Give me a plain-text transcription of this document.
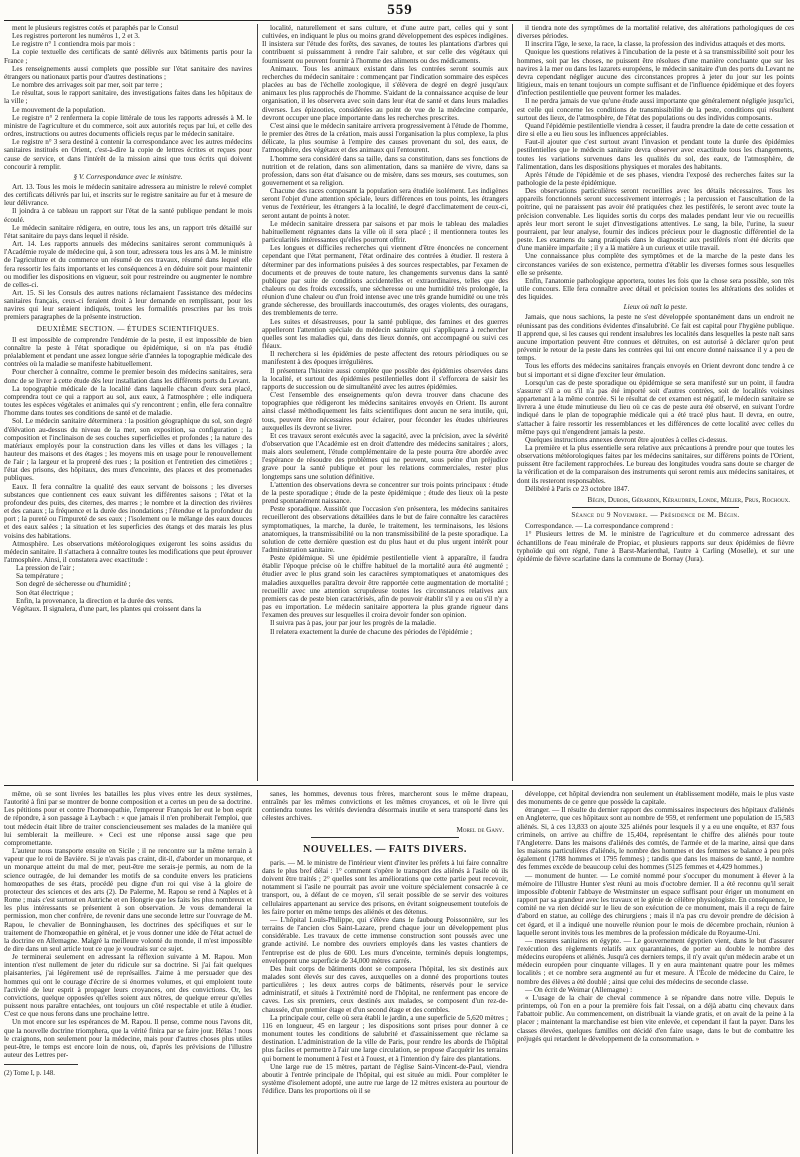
559

ment le plusieurs registres cotés et paraphés par le Consul

Les registres porteront les numéros 1, 2 et 3.

Le registre n° 1 contiendra mois par mois :

La copie textuelle des certificats de santé délivrés aux bâtiments partis pour la France ;

Les renseignements aussi complets que possible sur l'état sanitaire des navires étrangers ou nationaux partis pour d'autres destinations ;

Le nombre des arrivages soit par mer, soit par terre ;

Le résultat, sous le rapport sanitaire, des investigations faites dans les hôpitaux de la ville ;

Le mouvement de la population.

Le registre n° 2 renfermera la copie littérale de tous les rapports adressés à M. le ministre de l'agriculture et du commerce, soit aux autorités reçus par lui, et celle des ordres, instructions ou autres documents officiels reçus par le médecin sanitaire.

Le registre n° 3 sera destiné à contenir la correspondance avec les autres médecins sanitaires institués en Orient, c'est-à-dire la copie de lettres écrites et reçues pour cause de service, et dans l'intérêt de la mission ainsi que tous écrits qui doivent concourir à remplir.

§ V. Correspondance avec le ministre.

Art. 13. Tous les mois le médecin sanitaire adressera au ministre le relevé complet des certificats délivrés par lui, et inscrits sur le registre sanitaire au fur et à mesure de leur délivrance.

Il joindra à ce tableau un rapport sur l'état de la santé publique pendant le mois écoulé.

Le médecin sanitaire rédigera, en outre, tous les ans, un rapport très détaillé sur l'état sanitaire du pays dans lequel il réside.

Art. 14. Les rapports annuels des médecins sanitaires seront communiqués à l'Académie royale de médecine qui, à son tour, adressera tous les ans à M. le ministre de l'agriculture et du commerce un résumé de ces travaux, résumé dans lequel elle fera ressortir les faits importants et les conséquences à en déduire soit pour maintenir ou modifier les dispositions en vigueur, soit pour restreindre ou augmenter le nombre de celles-ci.

Art. 15. Si les Consuls des autres nations réclamaient l'assistance des médecins sanitaires français, ceux-ci feraient droit à leur demande en remplissant, pour les navires qui leur seraient indiqués, toutes les formalités prescrites par les trois premiers paragraphes de la présente instruction.

DEUXIÈME SECTION. — ÉTUDES SCIENTIFIQUES.

Il est impossible de comprendre l'endémie de la peste, il est impossible de bien connaître la peste à l'état sporadique ou épidémique, si on n'a pas étudié préalablement et pendant une assez longue série d'années la topographie médicale des contrées où la maladie se manifeste habituellement.

Pour chercher à connaître, comme le premier besoin des médecins sanitaires, sera donc de se livrer à cette étude dès leur installation dans les différents ports du Levant.

La topographie médicale de la localité dans laquelle chacun d'eux sera placé, comprendra tout ce qui a rapport au sol, aux eaux, à l'atmosphère ; elle indiquera toutes les espèces végétales et animales qui s'y rencontrent ; enfin, elle fera connaître l'homme dans toutes ses conditions de santé et de maladie.

Sol. Le médecin sanitaire déterminera : la position géographique du sol, son degré d'élévation au-dessus du niveau de la mer, son exposition, sa configuration ; la composition et l'inclinaison de ses couches superficielles et profondes ; la nature des matériaux employés pour la construction dans les villes et dans les villages ; la hauteur des maisons et des étages ; les moyens mis en usage pour le renouvellement de l'air ; la largeur et la propreté des rues ; la position et l'entretien des cimetières ; l'état des prisons, des hôpitaux, des murs d'enceinte, des places et des promenades publiques.

Eaux. Il fera connaître la qualité des eaux servant de boissons ; les diverses substances que contiennent ces eaux suivant les différentes saisons ; l'état et la profondeur des puits, des citernes, des marres ; le nombre et la direction des rivières et des canaux ; la fréquence et la durée des inondations ; l'étendue et la profondeur du port ; la pureté ou l'impureté de ses eaux ; l'isolement ou le mélange des eaux douces et des eaux salées ; la situation et les superficies des étangs et des marais les plus voisins des habitations.

Atmosphère. Les observations météorologiques exigeront les soins assidus du médecin sanitaire. Il s'attachera à connaître toutes les modifications que peut éprouver l'atmosphère. Ainsi, il constatera avec exactitude :

La pression de l'air ;

Sa température ;

Son degré de sécheresse ou d'humidité ;

Son état électrique ;

Enfin, la provenance, la direction et la durée des vents.

Végétaux. Il signalera, d'une part, les plantes qui croissent dans la

localité, naturellement et sans culture, et d'une autre part, celles qui y sont cultivées, en indiquant le plus ou moins grand développement des espèces indigènes. Il insistera sur l'étude des forêts, des savanes, de toutes les plantations d'arbres qui contribuent si puissamment à rendre l'air salubre, et sur celle des végétaux qui fournissent ou peuvent fournir à l'homme des aliments ou des médicaments.

Animaux. Tous les animaux existant dans les contrées seront soumis aux recherches du médecin sanitaire : commençant par l'indication sommaire des espèces placées au bas de l'échelle zoologique, il s'élèvera de degré en degré jusqu'aux animaux les plus rapprochés de l'homme. S'aidant de la connaissance acquise de leur organisation, il les observera avec soin dans leur état de santé et dans leurs maladies diverses. Les épizooties, considérées au point de vue de la médecine comparée, devront occuper une place importante dans les recherches prescrites.

C'est ainsi que le médecin sanitaire arrivera progressivement à l'étude de l'homme, le premier des êtres de la création, mais aussi l'organisation la plus complexe, la plus délicate, la plus soumise à l'empire des causes provenant du sol, des eaux, de l'atmosphère, des végétaux et des animaux qui l'entourent.

L'homme sera considéré dans sa taille, dans sa constitution, dans ses fonctions de nutrition et de relation, dans son alimentation, dans sa manière de vivre, dans sa profession, dans son état d'aisance ou de misère, dans ses mœurs, ses coutumes, son gouvernement et sa religion.

Chacune des races composant la population sera étudiée isolément. Les indigènes seront l'objet d'une attention spéciale, leurs différences en tous points, les étrangers venus de l'extérieur, les étrangers à la localité, le degré d'acclimatement de ceux-ci, seront autant de points à noter.

Le médecin sanitaire dressera par saisons et par mois le tableau des maladies habituellement régnantes dans la ville où il sera placé ; il mentionnera toutes les particularités intéressantes qu'elles pourront offrir.

Les longues et difficiles recherches qui viennent d'être énoncées ne concernent cependant que l'état permanent, l'état ordinaire des contrées à étudier. Il restera à déterminer par des informations puisées à des sources respectables, par l'examen de documents et de preuves de toute nature, les changements survenus dans la santé publique par suite de conditions accidentelles et extraordinaires, telles que des chaleurs ou des froids excessifs, une sécheresse ou une humidité très prolongée, la réunion d'une chaleur ou d'un froid intense avec une très grande humidité ou une très grande sécheresse, des brouillards inaccoutumés, des orages violents, des ouragans, des tremblements de terre.

Les suites et désastreuses, pour la santé publique, des famines et des guerres appelleront l'attention spéciale du médecin sanitaire qui s'appliquera à rechercher quelles sont les maladies qui, dans des lieux donnés, ont accompagné ou suivi ces fléaux.

Il recherchera si les épidémies de peste affectent des retours périodiques ou se manifestent à des époques irrégulières.

Il présentera l'histoire aussi complète que possible des épidémies observées dans la localité, et surtout des épidémies pestilentielles dont il s'efforcera de saisir les rapports de succession ou de simultanéité avec les autres épidémies.

C'est l'ensemble des enseignements qu'on devra trouver dans chacune des topographies que rédigeront les médecins sanitaires envoyés en Orient. Ils auront ainsi classé méthodiquement les faits scientifiques dont aucun ne sera inutile, qui, tous, peuvent être nécessaires pour éclairer, pour féconder les études ultérieures auxquelles ils devront se livrer.

Et ces travaux seront exécutés avec la sagacité, avec la précision, avec la sévérité d'observation que l'Académie est en droit d'attendre des médecins sanitaires ; alors, mais alors seulement, l'étude complémentaire de la peste pourra être abordée avec l'espérance de résoudre des problèmes qui ne peuvent, sous peine d'un préjudice grave pour la santé publique et pour les relations commerciales, rester plus longtemps sans une solution définitive.

L'attention des observations devra se concentrer sur trois points principaux : étude de la peste sporadique ; étude de la peste épidémique ; étude des lieux où la peste prend spontanément naissance.

Peste sporadique. Aussitôt que l'occasion s'en présentera, les médecins sanitaires recueilleront des observations détaillées dans le but de faire connaître les caractères symptomatiques, la marche, la durée, le traitement, les terminaisons, les lésions anatomiques, la transmissibilité ou la non transmissibilité de la peste sporadique. La solution de cette dernière question est du plus haut et du plus urgent intérêt pour l'administration sanitaire.

Peste épidémique. Si une épidémie pestilentielle vient à apparaître, il faudra établir l'époque précise où le chiffre habituel de la mortalité aura été augmenté ; étudier avec le plus grand soin les caractères symptomatiques et anatomiques des maladies auxquelles paraîtra devoir être rapportée cette augmentation de mortalité ; recueillir avec une attention scrupuleuse toutes les circonstances relatives aux premiers cas de peste bien caractérisés, afin de pouvoir établir s'il y a eu ou s'il n'y a pas eu importation. Le médecin sanitaire apportera la plus grande rigueur dans l'examen des preuves sur lesquelles il croira devoir fonder son opinion.

Il suivra pas à pas, jour par jour les progrès de la maladie.

Il relatera exactement la durée de chacune des périodes de l'épidémie ;

il tiendra note des symptômes de la mortalité relative, des altérations pathologiques de ces diverses périodes.

Il inscrira l'âge, le sexe, la race, la classe, la profession des individus attaqués et des morts.

Quoique les questions relatives à l'incubation de la peste et à sa transmissibilité soit pour les hommes, soit par les choses, ne puissent être résolues d'une manière concluante que sur les navires à la mer ou dans les lazarets européens, le médecin sanitaire d'un des ports du Levant ne devra cependant négliger aucune des circonstances propres à jeter du jour sur les points litigieux, mais en tenant toujours un compte suffisant et de l'influence épidémique et des foyers d'infection pestilentielle que peuvent former les malades.

Il ne perdra jamais de vue qu'une étude aussi importante que généralement négligée jusqu'ici, est celle qui concerne les conditions de transmissibilité de la peste, conditions qui résultent surtout des lieux, de l'atmosphère, de l'état des populations ou des individus composants.

Quand l'épidémie pestilentielle viendra à cesser, il faudra prendre la date de cette cessation et dire si elle a eu lieu sous les influences appréciables.

Faut-il ajouter que c'est surtout avant l'invasion et pendant toute la durée des épidémies pestilentielles que le médecin sanitaire devra observer avec exactitude tous les changements, toutes les variations survenues dans les qualités du sol, des eaux, de l'atmosphère, de l'alimentation, dans les dispositions physiques et morales des habitants.

Après l'étude de l'épidémie et de ses phases, viendra l'exposé des recherches faites sur la pathologie de la peste épidémique.

Des observations particulières seront recueillies avec les détails nécessaires. Tous les appareils fonctionnels seront successivement interrogés ; la percussion et l'auscultation de la poitrine, qui ne paraissent pas avoir été pratiquées chez les pestiférés, le seront avec toute la précision convenable. Les liquides sortis du corps des malades pendant leur vie ou recueillis après leur mort seront le sujet d'investigations attentives. Le sang, la bile, l'urine, la sueur pourraient, par leur analyse, fournir des indices précieux pour le diagnostic différentiel de la peste. Les examens du sang pratiqués dans le diagnostic aux pestiférés n'ont été décrits que d'une manière imparfaite ; il y a là matière à un curieux et utile travail.

Une connaissance plus complète des symptômes et de la marche de la peste dans les circonstances variées de son existence, permettra d'établir les diverses formes sous lesquelles elle se présente.

Enfin, l'anatomie pathologique apportera, toutes les fois que la chose sera possible, son très utile concours. Elle fera connaître avec détail et précision toutes les altérations des solides et des liquides.

Lieux où naît la peste.

Jamais, que nous sachions, la peste ne s'est développée spontanément dans un endroit ne réunissant pas des conditions évidentes d'insalubrité. Ce fait est capital pour l'hygiène publique. Il apprend que, si les causes qui rendent insalubres les localités dans lesquelles la peste naît sans aucune importation peuvent être connues et détruites, on est autorisé à déclarer qu'on peut prévenir le retour de la peste dans les contrées qui lui ont encore donné naissance il y a peu de temps.

Tous les efforts des médecins sanitaires français envoyés en Orient devront donc tendre à ce but si important et si digne d'exciter leur émulation.

Lorsqu'un cas de peste sporadique ou épidémique se sera manifesté sur un point, il faudra s'assurer s'il a ou s'il n'a pas été importé soit d'autres contrées, soit de localités voisines appartenant à la même contrée. Si le résultat de cet examen est négatif, le médecin sanitaire se livrera à une étude minutieuse du lieu où ce cas de peste aura été observé, en suivant l'ordre indiqué dans le plan de topographie médicale qui a été tracé plus haut. Il devra, en outre, s'attacher à faire ressortir les ressemblances et les différences de cette localité avec celles du même pays qui n'engendrent jamais la peste.

Quelques instructions annexes devront être ajoutées à celles ci-dessus.

La première et la plus essentielle sera relative aux précautions à prendre pour que toutes les observations météorologiques faites par les médecins sanitaires, sur différens points de l'Orient, puissent être facilement rapprochées. Le bureau des longitudes voudra sans doute se charger de la vérification et de la comparaison des instruments qui seront remis aux médecins sanitaires, et dont ils resteront responsables.

Délibéré à Paris ce 23 octobre 1847.

Bégin, Dubois, Gérardin, Kéraudren, Londe, Mélier, Prus, Rochoux.

Séance du 9 Novembre. — Présidence de M. Bégin.

Correspondance. — La correspondance comprend :

1° Plusieurs lettres de M. le ministre de l'agriculture et du commerce adressant des échantillons de l'eau minérale de Propiac, et plusieurs rapports sur deux épidémies de fièvre typhoïde qui ont régné, l'une à Barst-Marienthal, l'autre à Carling (Moselle), et sur une épidémie de fièvre scarlatine dans la commune de Bornay (Jura).

même, où se sont livrées les batailles les plus vives entre les deux systèmes, l'autorité à fini par se montrer de bonne composition et a certes un peu de sa doctrine. Les pétitions pour et contre l'homœopathie, l'empereur François Ier eut le bon esprit de répondre, à son passage à Laybach : « que jamais il n'en prohiberait l'emploi, que tout médecin était libre de traiter consciencieusement ses malades de la manière qui lui semblerait la meilleure. » Ceci est une réponse aussi sage que peu compromettante.

L'auteur nous transporte ensuite en Sicile ; il ne rencontre sur la même terrain à vapeur que le roi de Bavière. Si je n'avais pas craint, dit-il, d'aborder un monarque, et un monarque atteint du mal de mer, peut-être me serais-je permis, au nom de la science outragée, de lui demander les motifs de sa conduite envers les praticiens homœopathes de ses états, procédé peu digne d'un roi qui vise à la gloire de protecteur des sciences et des arts (2). De Palerme, M. Rapou se rend à Naples et à Rome ; mais c'est surtout en Autriche et en Hongrie que les faits les plus nombreux et les plus intéressants se présentent à son observation. Je vous demanderai la permission, mon cher confrère, de revenir dans une seconde lettre sur l'ouvrage de M. Rapou, le chevalier de Bonninghausen, les doctrines des spécifiques et sur le traitement de l'homœopathie en général, et je vous donner une idée de l'état actuel de la doctrine en Allemagne. Malgré la meilleure volonté du monde, il m'est impossible de dire dans un seul article tout ce que je voudrais sur ce sujet.

Je terminerai seulement en adressant la réflexion suivante à M. Rapou. Mon intention n'est nullement de jeter du ridicule sur sa doctrine. Si j'ai fait quelques plaisanteries, j'ai légèrement usé de représailles. J'aime à me persuader que des hommes qui ont le courage d'écrire de si énormes volumes, et qui emploient toute l'activité de leur esprit à propager leurs croyances, ont des convictions. Or, les convictions, quelque opposées qu'elles soient aux nôtres, de quelque erreur qu'elles puissent nous paraître entachées, ont toujours un côté respectable et utile à étudier. C'est ce que nous ferons dans une prochaine lettre.

Un mot encore sur les espérances de M. Rapou. Il pense, comme nous l'avons dit, que la nouvelle doctrine triomphera, que la vérité finira par se faire jour. Hélas ! nous le craignons, non seulement pour la médecine, mais pour d'autres choses plus utiles peut-être, le temps est encore loin de nous, où, d'après les prévisions de l'illustre auteur des Lettres per-

(2) Tome I, p. 148.

sanes, les hommes, devenus tous frères, marcheront sous le même drapeau, entraînés par les mêmes convictions et les mêmes croyances, et où le livre qui contiendra toutes les vérités deviendra désormais inutile et sera transporté dans les célestes archives.

Morel de Gany.

NOUVELLES. — FAITS DIVERS.

paris. — M. le ministre de l'intérieur vient d'inviter les préfets à lui faire connaître dans le plus bref délai : 1° comment s'opère le transport des aliénés à l'asile où ils doivent être traités ; 2° quelles sont les améliorations que cette partie peut recevoir, notamment si l'asile ne pourrait pas avoir une voiture spécialement consacrée à ce transport, ou, à défaut de ce moyen, s'il serait possible de se servir des voitures cellulaires appartenant au service des prisons, en évitant soigneusement toutefois de les faire porter en même temps des aliénés et des détenus.

— L'hôpital Louis-Philippe, qui s'élève dans le faubourg Poissonnière, sur les terrains de l'ancien clos Saint-Lazare, prend chaque jour un développement plus considérable. Les travaux de cette immense construction sont poussés avec une grande activité. Le nombre des ouvriers employés dans les vastes chantiers de l'entreprise est de plus de 600. Les murs d'enceinte, terminés depuis longtemps, enveloppent une superficie de 34,000 mètres carrés.

Des huit corps de bâtiments dont se composera l'hôpital, les six destinés aux malades sont élevés sur des caves, auxquelles on a donné des proportions toutes particulières ; les deux autres corps de bâtiments, réservés pour le service administratif, et situés à l'extrémité nord de l'hôpital, ne renferment pas encore de caves. Les six premiers, ceux destinés aux malades, se composent d'un rez-de-chaussée, d'un premier étage et d'un second étage et des combles.

La principale cour, celle où sera établi le jardin, a une superficie de 5,620 mètres ; 116 en longueur, 45 en largeur ; les dispositions sont prises pour donner à ce monument toutes les conditions de salubrité et d'assainissement que réclame sa destination. L'administration de la ville de Paris, pour rendre les abords de l'hôpital plus faciles et permettre à l'air une large circulation, se propose d'acquérir les terrains qui bornent le monument à l'est et à l'ouest, et à l'intention d'y faire des plantations.

Une large rue de 15 mètres, partant de l'église Saint-Vincent-de-Paul, viendra aboutir à l'entrée principale de l'hôpital, qui est située au midi. Pour compléter le système d'isolement adopté, une autre rue large de 12 mètres existera au pourtour de l'édifice. Dans les proportions où il se

développe, cet hôpital deviendra non seulement un établissement modèle, mais le plus vaste des monuments de ce genre que possède la capitale.

étranger. — Il résulte du dernier rapport des commissaires inspecteurs des hôpitaux d'aliénés en Angleterre, que ces hôpitaux sont au nombre de 959, et renferment une population de 15,583 aliénés. Si, à ces 13,833 on ajoute 325 aliénés pour lesquels il y a eu une enquête, et 837 fous criminels, on arrive au chiffre de 15,404, représentant le chiffre des aliénés pour toute l'Angleterre. Dans les maisons d'aliénés des comtés, de l'armée et de la marine, ainsi que dans les maisons particulières d'aliénés, le nombre des hommes et des femmes se balance à peu près également (1788 hommes et 1795 femmes) ; tandis que dans les maisons de santé, le nombre des femmes excède de beaucoup celui des hommes (5125 femmes et 4,429 hommes.)

— monument de hunter. — Le comité nommé pour s'occuper du monument à élever à la mémoire de l'illustre Hunter s'est réuni au mois d'octobre dernier. Il a été reconnu qu'il serait impossible d'obtenir l'abbaye de Westminster un espace suffisant pour ériger un monument en rapport par sa grandeur avec les travaux et le génie de célèbre physiologiste. En conséquence, le comité ne va rien décidé sur le lieu de son exécution de ce monument, mais il a reçu de faire d'abord en statue, au collège des chirurgiens ; mais il n'a pas cru devoir prendre de décision à cet égard, et il a indiqué une nouvelle réunion pour le mois de décembre prochain, réunion à laquelle seront invités tous les membres de la profession médicale du Royaume-Uni.

— mesures sanitaires en égypte. — Le gouvernement égyptien vient, dans le but d'assurer l'exécution des règlements relatifs aux quarantaines, de porter au double le nombre des médecins européens et aliénés. Jusqu'à ces derniers temps, il n'y avait qu'un médecin arabe et un médecin européen pour cinquante villages. Il y en aura maintenant quatre pour les mêmes localités ; et ce nombre sera augmenté au fur et mesure. À l'École de médecine du Caire, le nombre des élèves a été doublé ; ainsi que celui des médecins de seconde classe.

— On écrit de Weimar (Allemagne) :

« L'usage de la chair de cheval commence à se répandre dans notre ville. Depuis le printemps, où l'on en a pour la première fois fait l'essai, on a déjà abattu cinq chevaux dans l'abattoir public. Au commencement, on distribuait la viande gratis, et on avait de la peine à la placer ; maintenant la marchandise est bien vite enlevée, et cependant il faut la payer. Dans les classes élevées, quelques familles ont décidé d'en faire usage, dans le but de combattre les préjugés qui retardent le développement de la consommation. »
